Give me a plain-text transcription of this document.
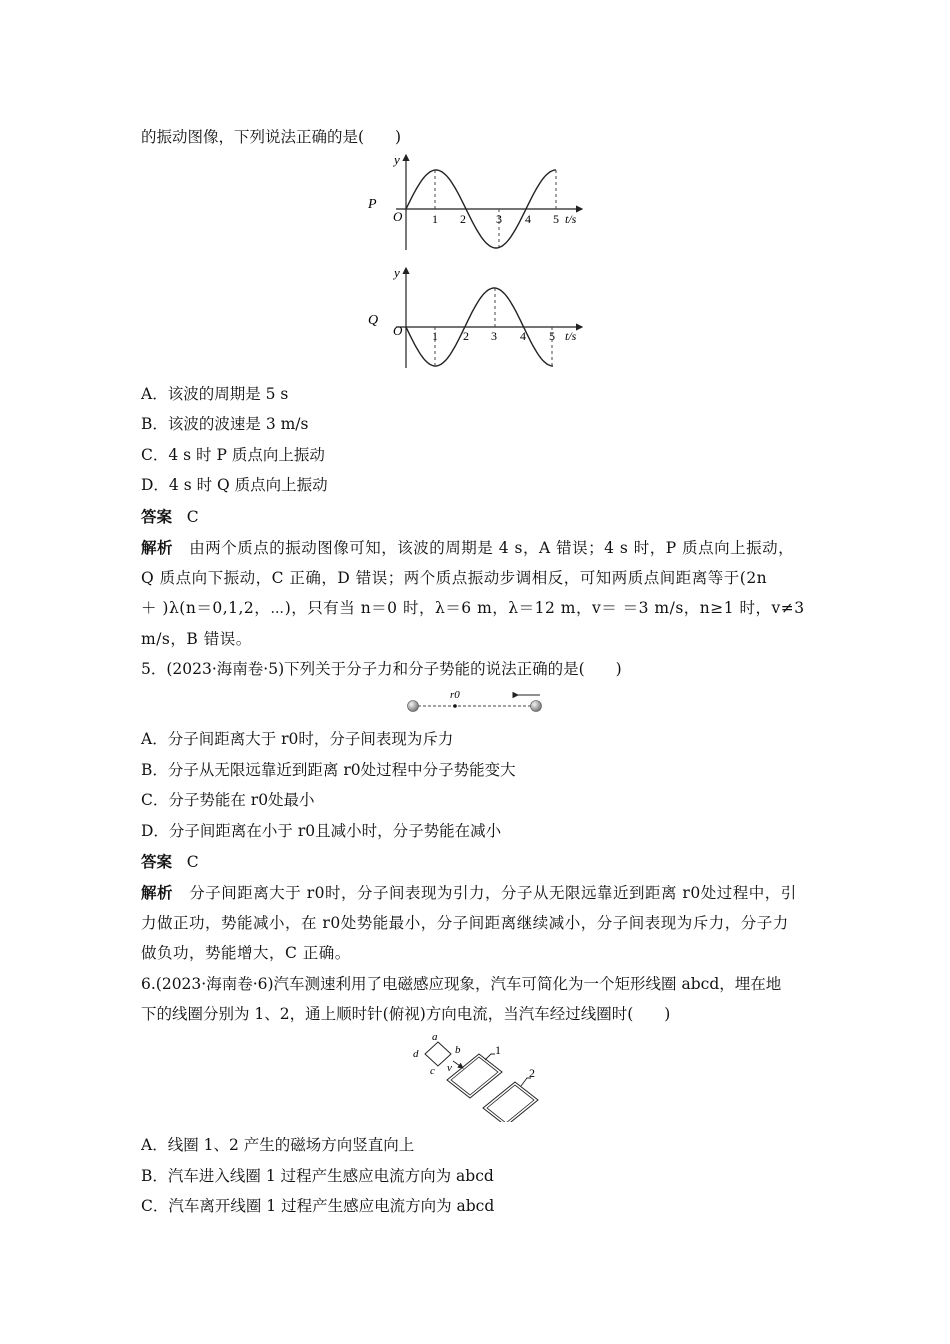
的振动图像，下列说法正确的是(　　)
P
y
O 1 2	3 4 5 t/s
Q
y
O 1 2 3 4 5 t/s
A．该波的周期是 5 s
B．该波的波速是 3 m/s
C．4 s 时 P 质点向上振动
D．4 s 时 Q 质点向上振动
答案 C
解析 由两个质点的振动图像可知，该波的周期是 4 s，A 错误；4 s 时，P 质点向上振动，
Q 质点向下振动，C 正确，D 错误；两个质点振动步调相反，可知两质点间距离等于(2n
＋ )λ(n＝0,1,2，⋯)，只有当 n＝0 时，λ＝6 m，λ＝12 m，v＝ ＝3 m/s，n≥1 时，v≠3
m/s，B 错误。
5．(2023·海南卷·5)下列关于分子力和分子势能的说法正确的是(　　)
r0
A．分子间距离大于 r0时，分子间表现为斥力
B．分子从无限远靠近到距离 r0处过程中分子势能变大
C．分子势能在 r0处最小
D．分子间距离在小于 r0且减小时，分子势能在减小
答案 C
解析 分子间距离大于 r0时，分子间表现为引力，分子从无限远靠近到距离 r0处过程中，引
力做正功，势能减小，在 r0处势能最小，分子间距离继续减小，分子间表现为斥力，分子力
做负功，势能增大，C 正确。
6.(2023·海南卷·6)汽车测速利用了电磁感应现象，汽车可简化为一个矩形线圈 abcd，埋在地
下的线圈分别为 1、2，通上顺时针(俯视)方向电流，当汽车经过线圈时(　　)
a
b
c
d
v
1
2
A．线圈 1、2 产生的磁场方向竖直向上
B．汽车进入线圈 1 过程产生感应电流方向为 abcd
C．汽车离开线圈 1 过程产生感应电流方向为 abcd
